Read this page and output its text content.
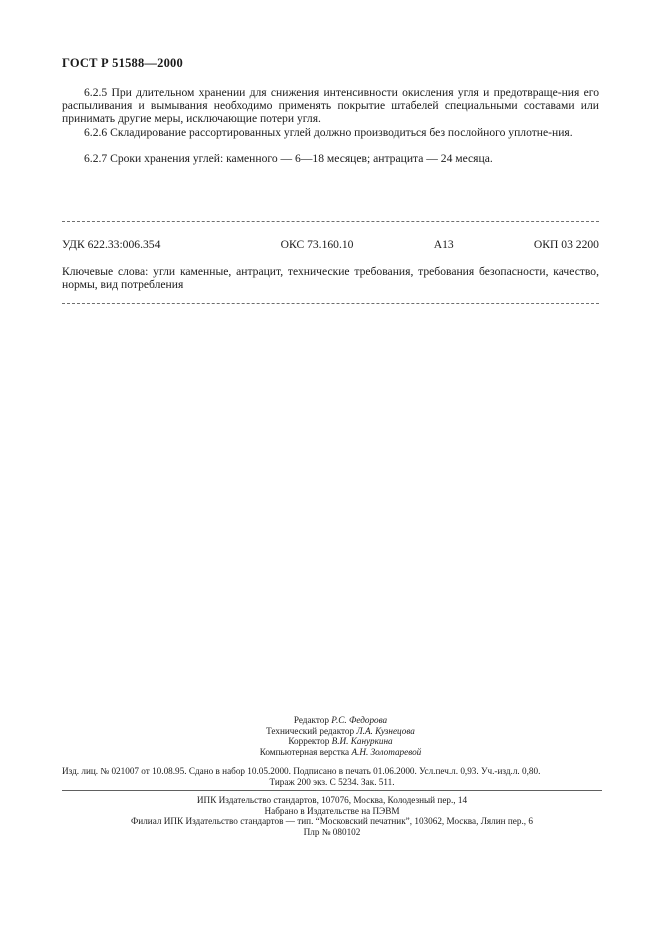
ГОСТ Р 51588—2000
6.2.5 При длительном хранении для снижения интенсивности окисления угля и предотвраще-ния его распыливания и вымывания необходимо применять покрытие штабелей специальными составами или принимать другие меры, исключающие потери угля.
6.2.6 Складирование рассортированных углей должно производиться без послойного уплотне-ния.
6.2.7 Сроки хранения углей: каменного — 6—18 месяцев; антрацита — 24 месяца.
УДК 622.33:006.354	ОКС 73.160.10	А13	ОКП 03 2200
Ключевые слова: угли каменные, антрацит, технические требования, требования безопасности, качество, нормы, вид потребления
Редактор Р.С. Федорова
Технический редактор Л.А. Кузнецова
Корректор В.И. Кануркина
Компьютерная верстка А.Н. Золотаревой
Изд. лиц. № 021007 от 10.08.95. Сдано в набор 10.05.2000. Подписано в печать 01.06.2000. Усл.печ.л. 0,93. Уч.-изд.л. 0,80.
Тираж 200 экз. С 5234. Зак. 511.
ИПК Издательство стандартов, 107076, Москва, Колодезный пер., 14
Набрано в Издательстве на ПЭВМ
Филиал ИПК Издательство стандартов — тип. “Московский печатник”, 103062, Москва, Лялин пер., 6
Плр № 080102
